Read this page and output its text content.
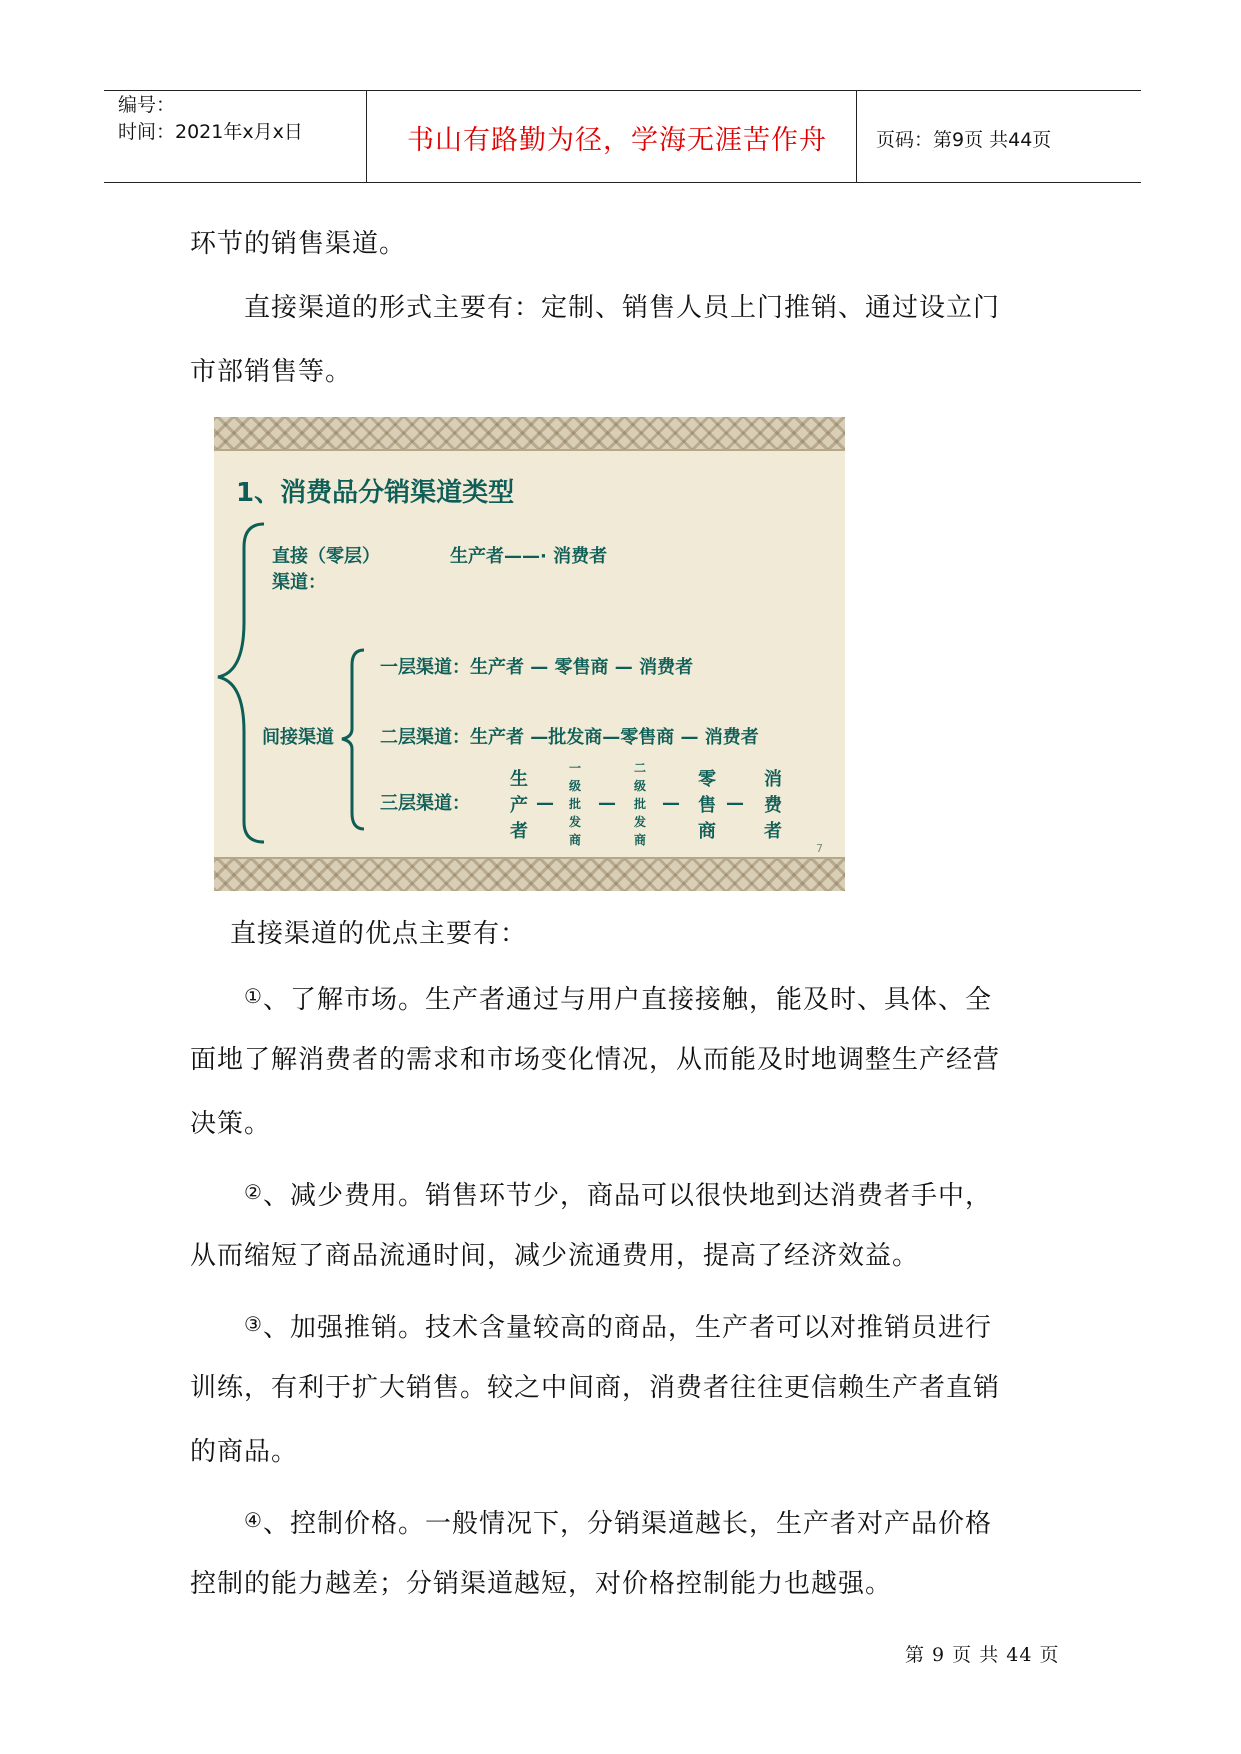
编号：
时间：2021年x月x日	书山有路勤为径，学海无涯苦作舟	页码：第9页 共44页
环节的销售渠道。
直接渠道的形式主要有：定制、销售人员上门推销、通过设立门
市部销售等。
1、消费品分销渠道类型
直接（零层）
渠道：
生产者——· 消费者
间接渠道
一层渠道：生产者 — 零售商 — 消费者
二层渠道：生产者 —批发商—零售商 — 消费者
三层渠道：
生产者
—
一级批发商
—
二级批发商
—
零售商
—
消费者
7
直接渠道的优点主要有：
①、了解市场。生产者通过与用户直接接触，能及时、具体、全
面地了解消费者的需求和市场变化情况，从而能及时地调整生产经营
决策。
②、减少费用。销售环节少，商品可以很快地到达消费者手中，
从而缩短了商品流通时间，减少流通费用，提高了经济效益。
③、加强推销。技术含量较高的商品，生产者可以对推销员进行
训练，有利于扩大销售。较之中间商，消费者往往更信赖生产者直销
的商品。
④、控制价格。一般情况下，分销渠道越长，生产者对产品价格
控制的能力越差；分销渠道越短，对价格控制能力也越强。
第 9 页 共 44 页
